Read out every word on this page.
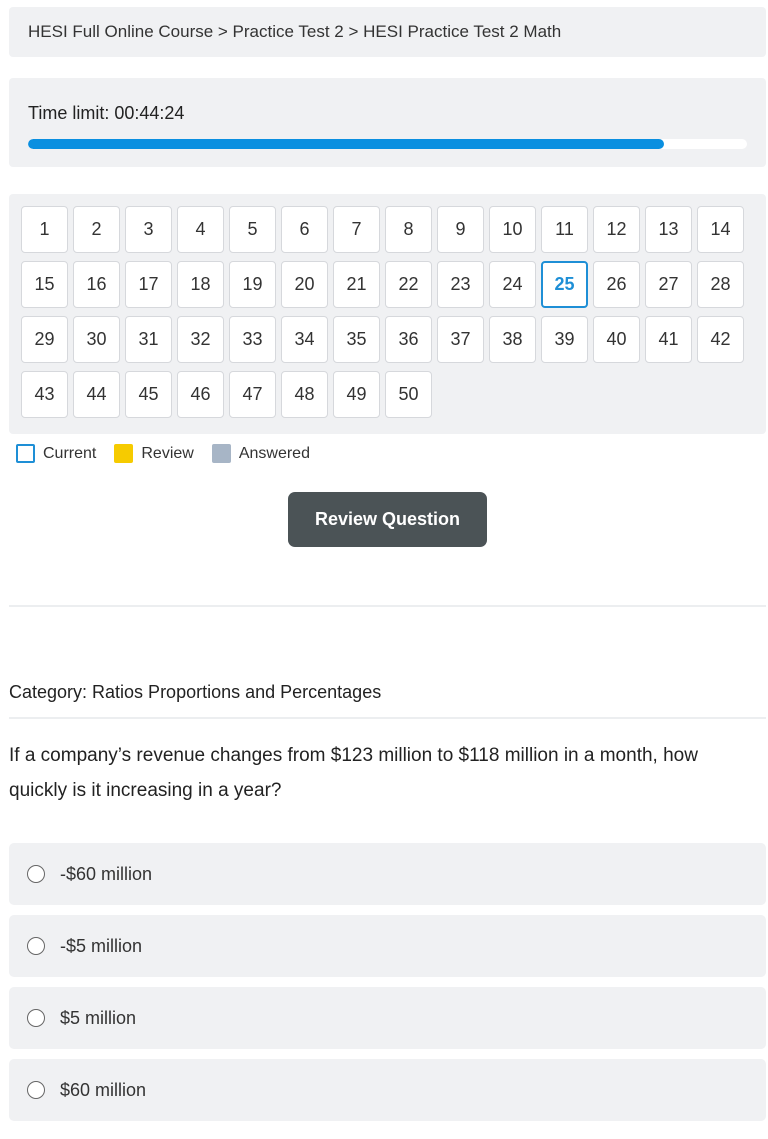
HESI Full Online Course > Practice Test 2 > HESI Practice Test 2 Math
Time limit: 00:44:24
1	2	3	4	5	6	7	8	9	10	11	12	13	14
15	16	17	18	19	20	21	22	23	24	25	26	27	28
29	30	31	32	33	34	35	36	37	38	39	40	41	42
43	44	45	46	47	48	49	50
Current	Review	Answered
Review Question
Category: Ratios Proportions and Percentages
If a company’s revenue changes from $123 million to $118 million in a month, how quickly is it increasing in a year?
-$60 million
-$5 million
$5 million
$60 million
